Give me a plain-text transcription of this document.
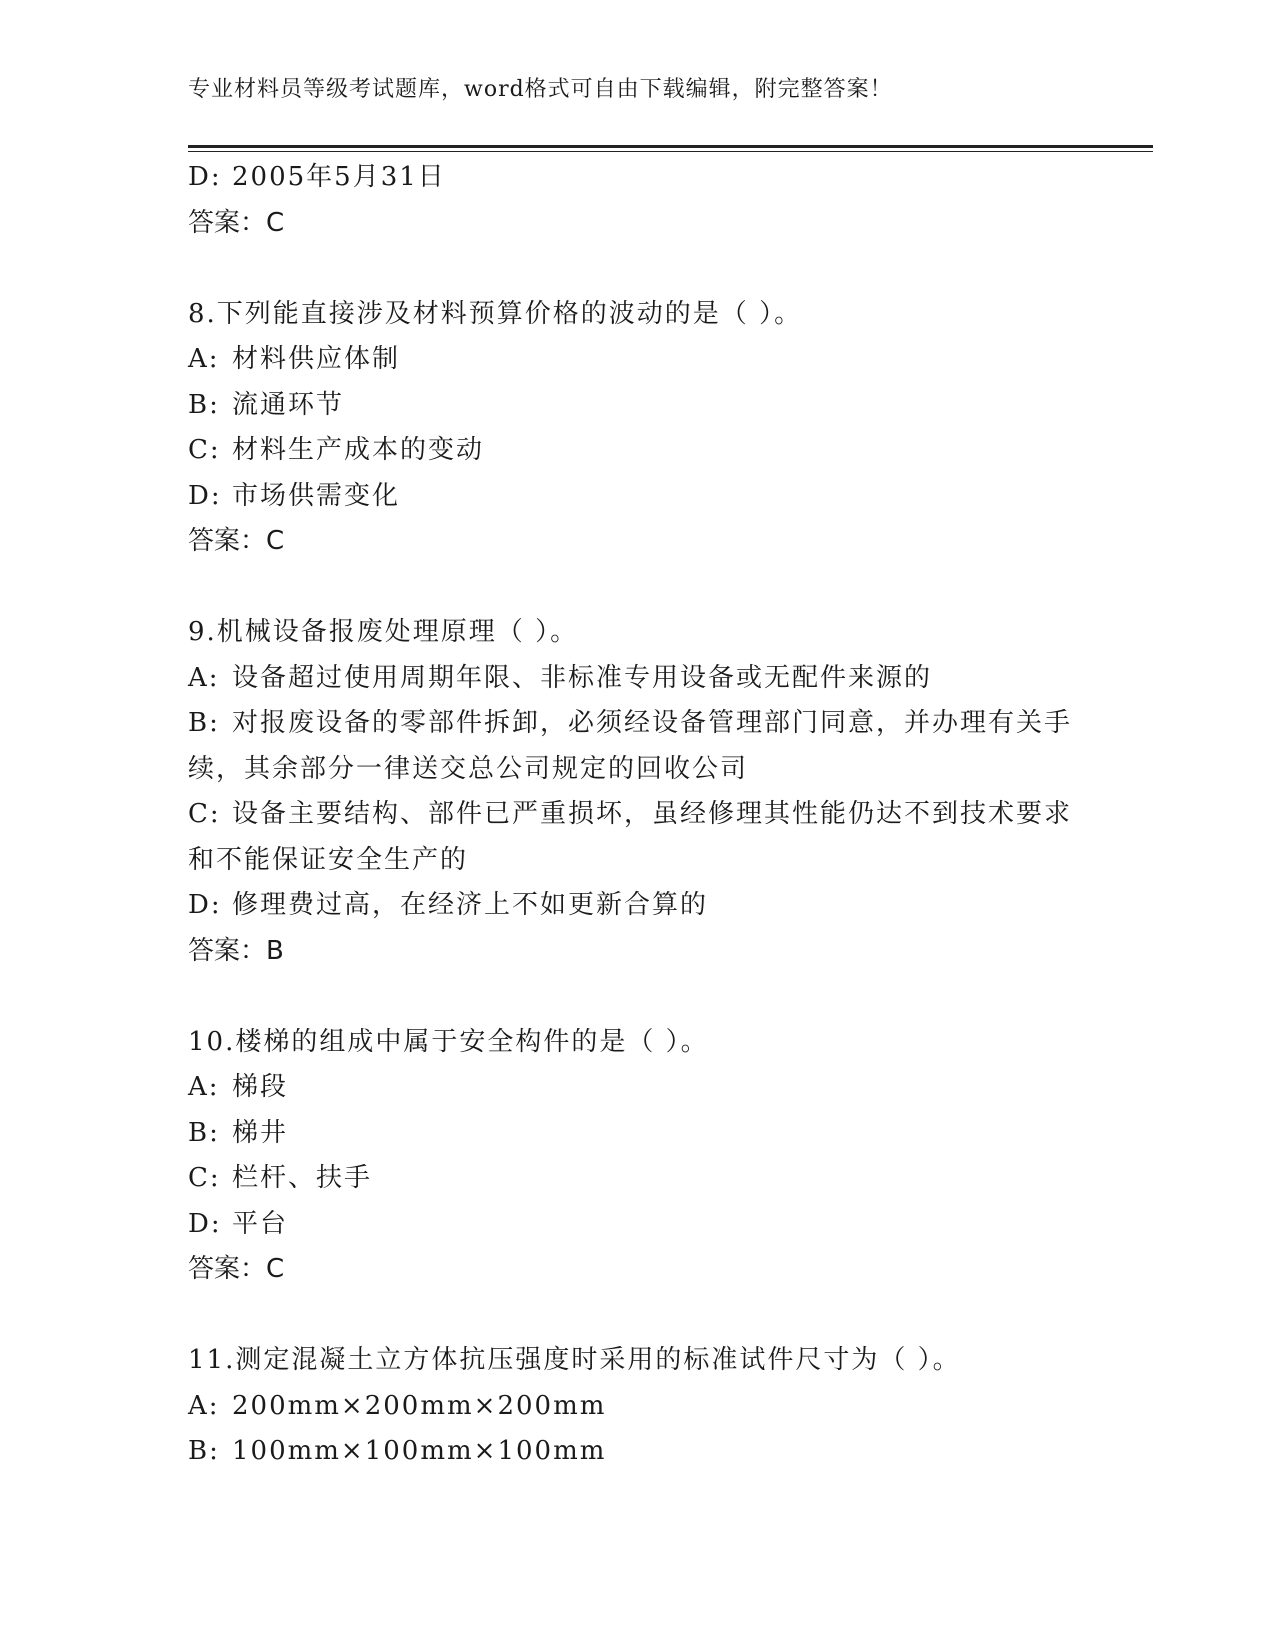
专业材料员等级考试题库，word格式可自由下载编辑，附完整答案！
D: 2005年5月31日
答案：C
8.下列能直接涉及材料预算价格的波动的是（ ）。
A: 材料供应体制
B: 流通环节
C: 材料生产成本的变动
D: 市场供需变化
答案：C
9.机械设备报废处理原理（ ）。
A: 设备超过使用周期年限、非标准专用设备或无配件来源的
B: 对报废设备的零部件拆卸，必须经设备管理部门同意，并办理有关手续，其余部分一律送交总公司规定的回收公司
C: 设备主要结构、部件已严重损坏，虽经修理其性能仍达不到技术要求和不能保证安全生产的
D: 修理费过高，在经济上不如更新合算的
答案：B
10.楼梯的组成中属于安全构件的是（ ）。
A: 梯段
B: 梯井
C: 栏杆、扶手
D: 平台
答案：C
11.测定混凝土立方体抗压强度时采用的标准试件尺寸为（ ）。
A: 200mm×200mm×200mm
B: 100mm×100mm×100mm
